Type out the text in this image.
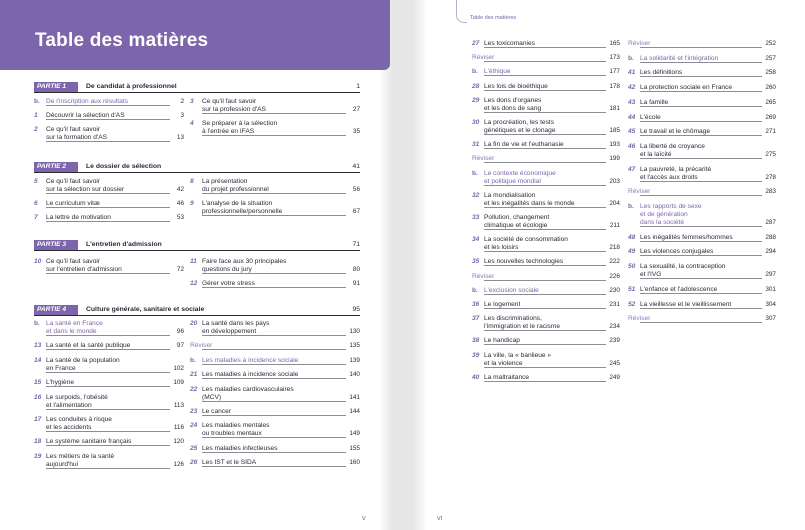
Table des matières
PARTIE 1	De candidat à professionnel	1
b. De l'inscription aux résultats	2
1 Découvrir la sélection d'AS	3
2 Ce qu'il faut savoir
sur la formation d'AS	13
3 Ce qu'il faut savoir
sur la profession d'AS	27
4 Se préparer à la sélection
à l'entrée en IFAS	35
PARTIE 2	Le dossier de sélection	41
5 Ce qu'il faut savoir
sur la sélection sur dossier	42
6 Le curriculum vitæ	46
7 La lettre de motivation	53
8 La présentation
du projet professionnel	56
9 L'analyse de la situation
professionnelle/personnelle	67
PARTIE 3	L'entretien d'admission	71
10 Ce qu'il faut savoir
sur l'entretien d'admission	72
11 Faire face aux 30 principales
questions du jury	80
12 Gérer votre stress	91
PARTIE 4	Culture générale, sanitaire et sociale	95
b. La santé en France
et dans le monde	96
13 La santé et la santé publique	97
14 La santé de la population
en France	102
15 L'hygiène	109
16 Le surpoids, l'obésité
et l'alimentation	113
17 Les conduites à risque
et les accidents	116
18 Le système sanitaire français	120
19 Les métiers de la santé
aujourd'hui	126
20 La santé dans les pays
en développement	130
Réviser	135
b. Les maladies à incidence sociale	139
21 Les maladies à incidence sociale	140
22 Les maladies cardiovasculaires
(MCV)	141
23 Le cancer	144
24 Les maladies mentales
ou troubles mentaux	149
25 Les maladies infectieuses	155
26 Les IST et le SIDA	160
V
27 Les toxicomanies	165
Réviser	173
b. L'éthique	177
28 Les lois de bioéthique	178
29 Les dons d'organes
et les dons de sang	181
30 La procréation, les tests
génétiques et le clonage	185
31 La fin de vie et l'euthanasie	193
Réviser	199
b. Le contexte économique
et politique mondial	203
32 La mondialisation
et les inégalités dans le monde	204
33 Pollution, changement
climatique et écologie	211
34 La société de consommation
et les loisirs	218
35 Les nouvelles technologies	222
Réviser	226
b. L'exclusion sociale	230
36 Le logement	231
37 Les discriminations,
l'immigration et le racisme	234
38 Le handicap	239
39 La ville, la « banlieue »
et la violence	245
40 La maltraitance	249
Réviser	252
b. La solidarité et l'intégration	257
41 Les définitions	258
42 La protection sociale en France	260
43 La famille	265
44 L'école	269
45 Le travail et le chômage	271
46 La liberté de croyance
et la laïcité	275
47 La pauvreté, la précarité
et l'accès aux droits	278
Réviser	283
b. Les rapports de sexe
et de génération
dans la société	287
48 Les inégalités femmes/hommes	288
49 Les violences conjugales	294
50 La sexualité, la contraception
et l'IVG	297
51 L'enfance et l'adolescence	301
52 La vieillesse et le vieillissement	304
Réviser	307
VI
Table des matières
